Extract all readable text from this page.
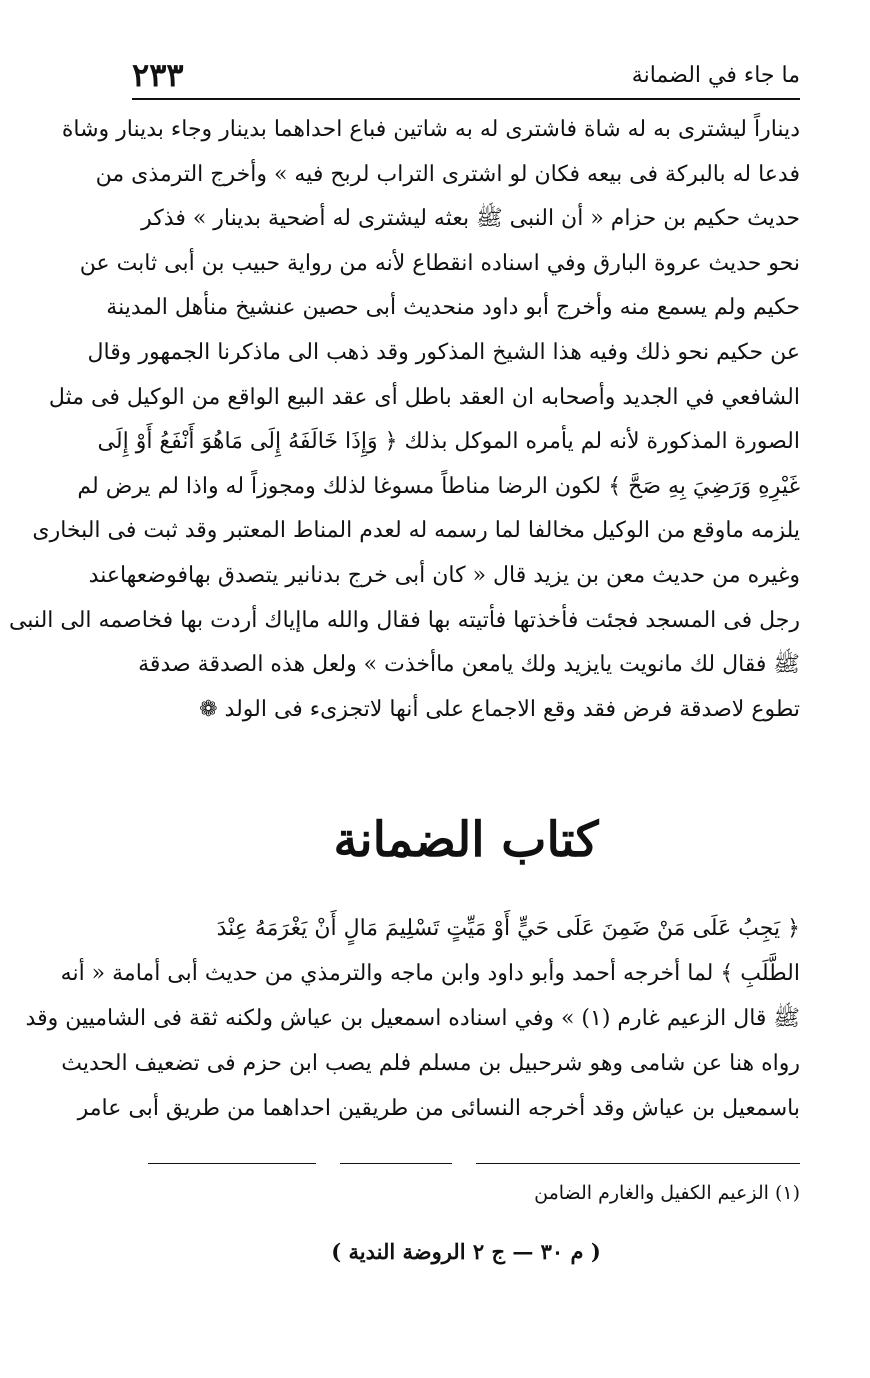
٢٣٣	ما جاء في الضمانة
ديناراً ليشترى به له شاة فاشترى له به شاتين فباع احداهما بدينار وجاء بدينار وشاة
فدعا له بالبركة فى بيعه فكان لو اشترى التراب لربح فيه » وأخرج الترمذى من
حديث حكيم بن حزام « أن النبى ﷺ بعثه ليشترى له أضحية بدينار » فذكر
نحو حديث عروة البارق وفي اسناده انقطاع لأنه من رواية حبيب بن أبى ثابت عن
حكيم ولم يسمع منه وأخرج أبو داود منحديث أبى حصين عنشيخ منأهل المدينة
عن حكيم نحو ذلك وفيه هذا الشيخ المذكور وقد ذهب الى ماذكرنا الجمهور وقال
الشافعي في الجديد وأصحابه ان العقد باطل أى عقد البيع الواقع من الوكيل فى مثل
الصورة المذكورة لأنه لم يأمره الموكل بذلك ﴿ وَإِذَا خَالَفَهُ إِلَى مَاهُوَ أَنْفَعُ أَوْ إِلَى
غَيْرِهِ وَرَضِيَ بِهِ صَحَّ ﴾ لكون الرضا مناطاً مسوغا لذلك ومجوزاً له واذا لم يرض لم
يلزمه ماوقع من الوكيل مخالفا لما رسمه له لعدم المناط المعتبر وقد ثبت فى البخارى
وغيره من حديث معن بن يزيد قال « كان أبى خرج بدنانير يتصدق بهافوضعهاعند
رجل فى المسجد فجئت فأخذتها فأتيته بها فقال والله ماإياك أردت بها فخاصمه الى النبى
ﷺ فقال لك مانويت يايزيد ولك يامعن ماأخذت » ولعل هذه الصدقة صدقة
تطوع لاصدقة فرض فقد وقع الاجماع على أنها لاتجزىء فى الولد ❁
كتاب الضمانة
﴿ يَجِبُ عَلَى مَنْ ضَمِنَ عَلَى حَيٍّ أَوْ مَيِّتٍ تَسْلِيمَ مَالٍ أَنْ يَغْرَمَهُ عِنْدَ
الطَّلَبِ ﴾ لما أخرجه أحمد وأبو داود وابن ماجه والترمذي من حديث أبى أمامة « أنه
ﷺ قال الزعيم غارم (١) » وفي اسناده اسمعيل بن عياش ولكنه ثقة فى الشاميين وقد
رواه هنا عن شامى وهو شرحبيل بن مسلم فلم يصب ابن حزم فى تضعيف الحديث
باسمعيل بن عياش وقد أخرجه النسائى من طريقين احداهما من طريق أبى عامر
(١) الزعيم الكفيل والغارم الضامن
( م ٣٠ — ج ٢ الروضة الندية )
